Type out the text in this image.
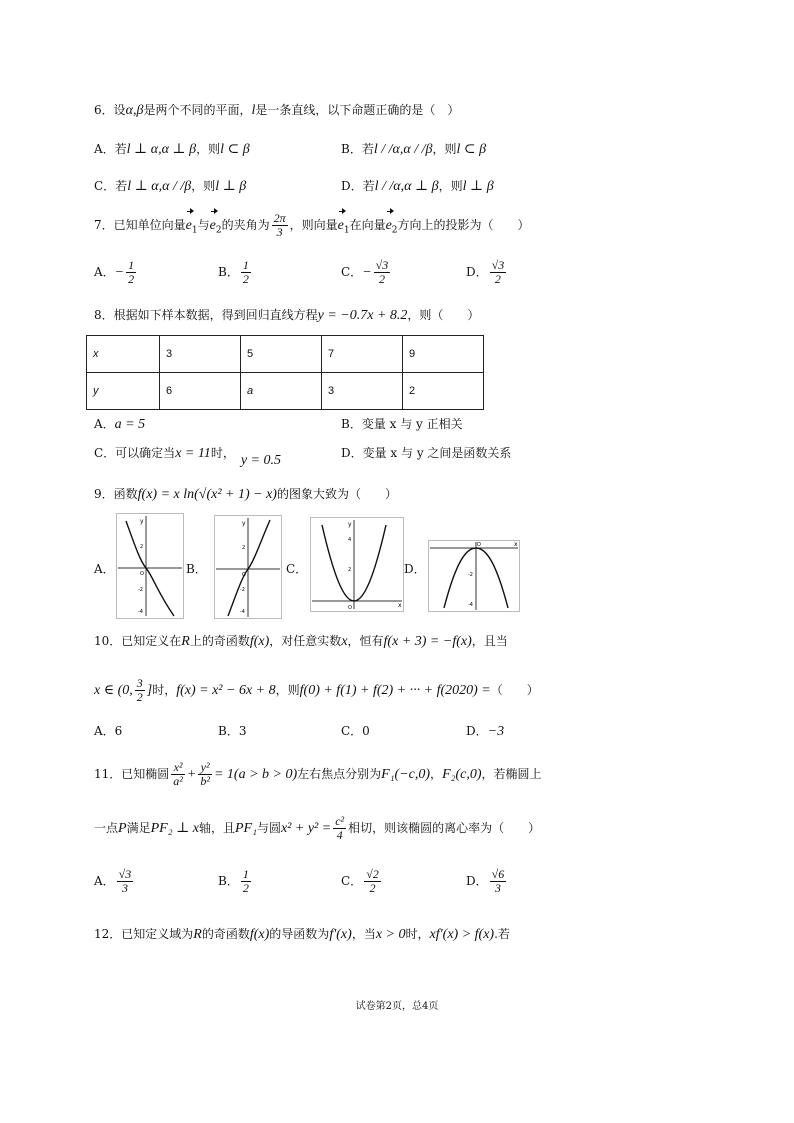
6．设α,β是两个不同的平面，l是一条直线，以下命题正确的是（　）
A．若l ⊥ α,α ⊥ β，则l ⊂ β	B．若l / /α,α / /β，则l ⊂ β
C．若l ⊥ α,α / /β，则l ⊥ β	D．若l / /α,α ⊥ β，则l ⊥ β
7．已知单位向量$e_1$与$e_2$的夹角为 $\frac{2\pi}{3}$ ，则向量$e_1$在向量$e_2$方向上的投影为（　　）
A．− $\frac{1}{2}$	B． $\frac{1}{2}$	C．− $\frac{√3}{2}$	D． $\frac{√3}{2}$
8．根据如下样本数据，得到回归直线方程y = −0.7x + 8.2，则（　　）
x	3	5	7	9
y	6	a	3	2
A．a = 5	B．变量 x 与 y 正相关
C．可以确定当x = 11时， y = 0.5	D．变量 x 与 y 之间是函数关系
9．函数f(x) = x ln(√(x² + 1) − x)的图象大致为（　　）
A．	B．	C．	D．
y
2
-2
-4
O
y
2
-2
-4
O
y
4
2
O	x
O	x
-2
-4
10．已知定义在R上的奇函数f(x)，对任意实数x，恒有f(x + 3) = −f(x)，且当
x ∈ (0, $\frac{3}{2}$ ]时，f(x) = x² − 6x + 8，则f(0) + f(1) + f(2) + ··· + f(2020) =（　　）
A．6	B．3	C．0	D．−3
11．已知椭圆 $\frac{\text{x²}}{\text{a²}} + \frac{\text{y²}}{\text{b²}} = 1(a > b > 0)$左右焦点分别为F₁(−c,0)，F₂(c,0)，若椭圆上
一点P满足PF₂ ⊥ x轴，且PF₁与圆$x^2 + y^2 = \frac{\text{c²}}{4}$ 相切，则该椭圆的离心率为（　　）
A． $\frac{√3}{3}$	B． $\frac{1}{2}$	C． $\frac{√2}{2}$	D． $\frac{√6}{3}$
12．已知定义域为R的奇函数f(x)的导函数为f′(x)，当x > 0时，xf′(x) > f(x).若
试卷第2页，总4页
